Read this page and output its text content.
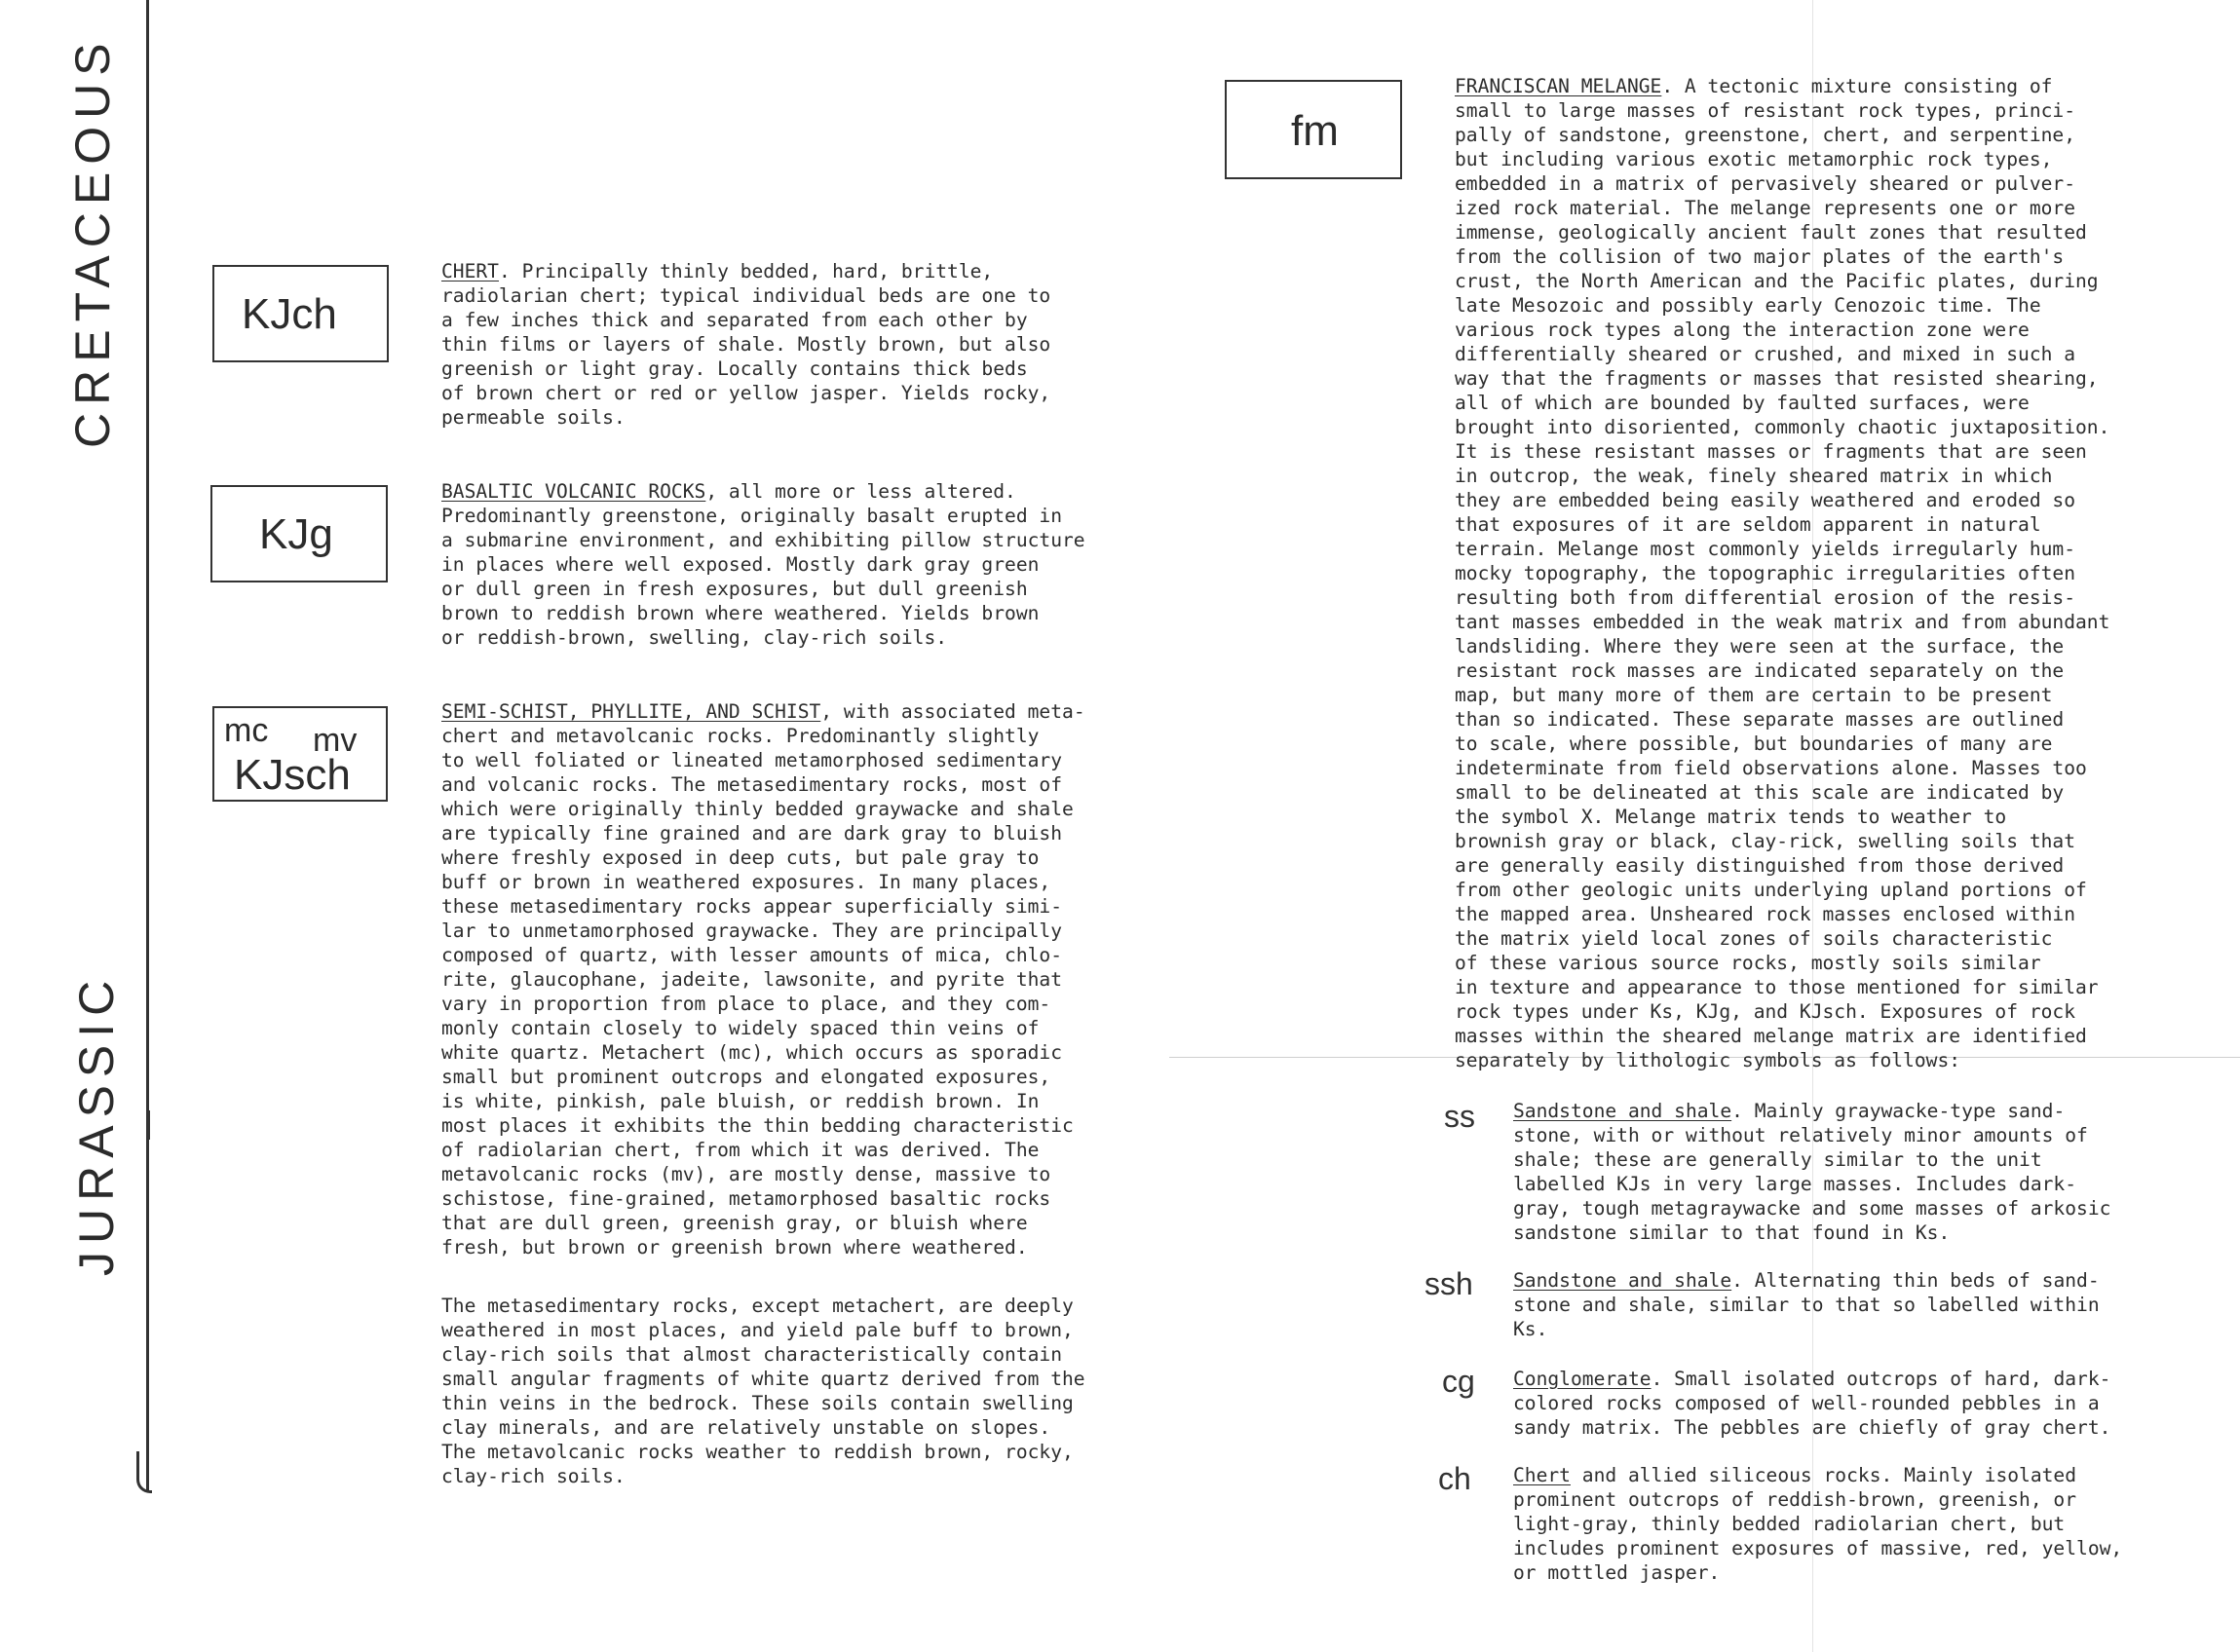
CRETACEOUS
JURASSIC
KJch
CHERT. Principally thinly bedded, hard, brittle,
radiolarian chert; typical individual beds are one to
a few inches thick and separated from each other by
thin films or layers of shale. Mostly brown, but also
greenish or light gray. Locally contains thick beds
of brown chert or red or yellow jasper. Yields rocky,
permeable soils.
KJg
BASALTIC VOLCANIC ROCKS, all more or less altered.
Predominantly greenstone, originally basalt erupted in
a submarine environment, and exhibiting pillow structure
in places where well exposed. Mostly dark gray green
or dull green in fresh exposures, but dull greenish
brown to reddish brown where weathered. Yields brown
or reddish-brown, swelling, clay-rich soils.
mc mv
KJsch
SEMI-SCHIST, PHYLLITE, AND SCHIST, with associated meta-
chert and metavolcanic rocks. Predominantly slightly
to well foliated or lineated metamorphosed sedimentary
and volcanic rocks. The metasedimentary rocks, most of
which were originally thinly bedded graywacke and shale
are typically fine grained and are dark gray to bluish
where freshly exposed in deep cuts, but pale gray to
buff or brown in weathered exposures. In many places,
these metasedimentary rocks appear superficially simi-
lar to unmetamorphosed graywacke. They are principally
composed of quartz, with lesser amounts of mica, chlo-
rite, glaucophane, jadeite, lawsonite, and pyrite that
vary in proportion from place to place, and they com-
monly contain closely to widely spaced thin veins of
white quartz. Metachert (mc), which occurs as sporadic
small but prominent outcrops and elongated exposures,
is white, pinkish, pale bluish, or reddish brown. In
most places it exhibits the thin bedding characteristic
of radiolarian chert, from which it was derived. The
metavolcanic rocks (mv), are mostly dense, massive to
schistose, fine-grained, metamorphosed basaltic rocks
that are dull green, greenish gray, or bluish where
fresh, but brown or greenish brown where weathered.
The metasedimentary rocks, except metachert, are deeply
weathered in most places, and yield pale buff to brown,
clay-rich soils that almost characteristically contain
small angular fragments of white quartz derived from the
thin veins in the bedrock. These soils contain swelling
clay minerals, and are relatively unstable on slopes.
The metavolcanic rocks weather to reddish brown, rocky,
clay-rich soils.
fm
FRANCISCAN MELANGE. A tectonic mixture consisting of
small to large masses of resistant rock types, princi-
pally of sandstone, greenstone, chert, and serpentine,
but including various exotic metamorphic rock types,
embedded in a matrix of pervasively sheared or pulver-
ized rock material. The melange represents one or more
immense, geologically ancient fault zones that resulted
from the collision of two major plates of the earth's
crust, the North American and the Pacific plates, during
late Mesozoic and possibly early Cenozoic time. The
various rock types along the interaction zone were
differentially sheared or crushed, and mixed in such a
way that the fragments or masses that resisted shearing,
all of which are bounded by faulted surfaces, were
brought into disoriented, commonly chaotic juxtaposition.
It is these resistant masses or fragments that are seen
in outcrop, the weak, finely sheared matrix in which
they are embedded being easily weathered and eroded so
that exposures of it are seldom apparent in natural
terrain. Melange most commonly yields irregularly hum-
mocky topography, the topographic irregularities often
resulting both from differential erosion of the resis-
tant masses embedded in the weak matrix and from abundant
landsliding. Where they were seen at the surface, the
resistant rock masses are indicated separately on the
map, but many more of them are certain to be present
than so indicated. These separate masses are outlined
to scale, where possible, but boundaries of many are
indeterminate from field observations alone. Masses too
small to be delineated at this scale are indicated by
the symbol X. Melange matrix tends to weather to
brownish gray or black, clay-rick, swelling soils that
are generally easily distinguished from those derived
from other geologic units underlying upland portions of
the mapped area. Unsheared rock masses enclosed within
the matrix yield local zones of soils characteristic
of these various source rocks, mostly soils similar
in texture and appearance to those mentioned for similar
rock types under Ks, KJg, and KJsch. Exposures of rock
masses within the sheared melange matrix are identified
separately by lithologic symbols as follows:
ss Sandstone and shale. Mainly graywacke-type sand-
stone, with or without relatively minor amounts of
shale; these are generally similar to the unit
labelled KJs in very large masses. Includes dark-
gray, tough metagraywacke and some masses of arkosic
sandstone similar to that found in Ks.
ssh Sandstone and shale. Alternating thin beds of sand-
stone and shale, similar to that so labelled within
Ks.
cg Conglomerate. Small isolated outcrops of hard, dark-
colored rocks composed of well-rounded pebbles in a
sandy matrix. The pebbles are chiefly of gray chert.
ch Chert and allied siliceous rocks. Mainly isolated
prominent outcrops of reddish-brown, greenish, or
light-gray, thinly bedded radiolarian chert, but
includes prominent exposures of massive, red, yellow,
or mottled jasper.
